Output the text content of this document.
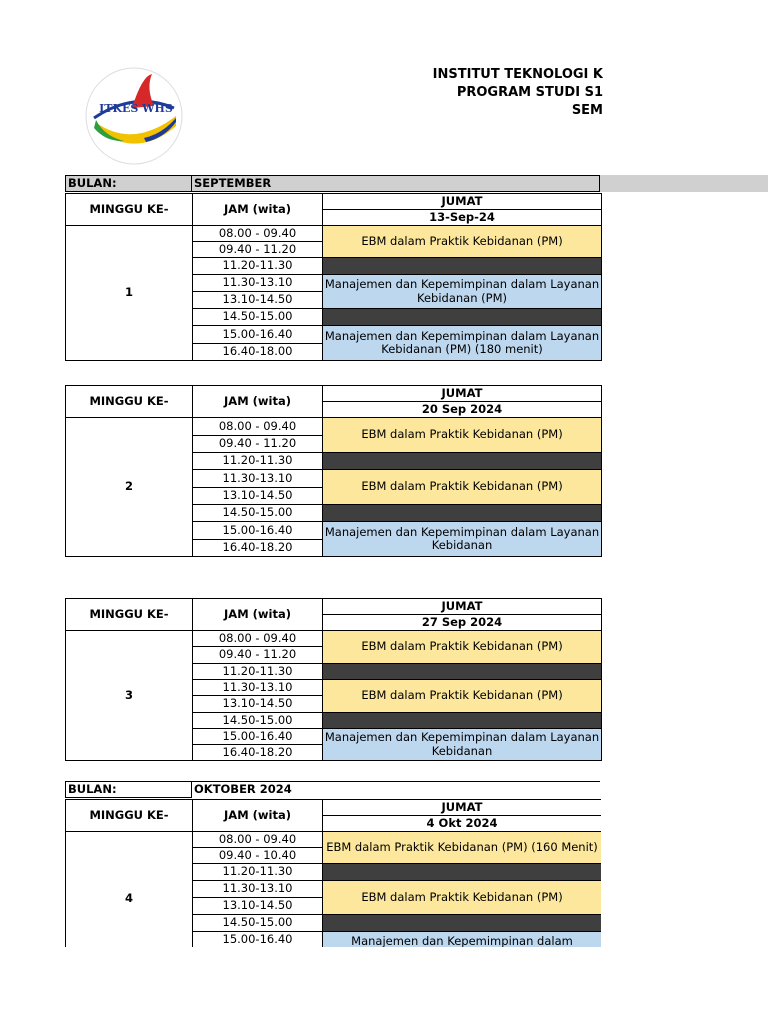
ITKES WHS
INSTITUT TEKNOLOGI K
PROGRAM STUDI S1
SEM
BULAN:	SEPTEMBER
MINGGU KE-	JAM (wita)	JUMAT
		13-Sep-24
1	08.00 - 09.40	EBM dalam Praktik Kebidanan (PM)
	09.40 - 11.20	
	11.20-11.30	
	11.30-13.10	Manajemen dan Kepemimpinan dalam Layanan Kebidanan (PM)
	13.10-14.50	
	14.50-15.00	
	15.00-16.40	Manajemen dan Kepemimpinan dalam Layanan Kebidanan (PM) (180 menit)
	16.40-18.00	
MINGGU KE-	JAM (wita)	JUMAT
		20 Sep 2024
2	08.00 - 09.40	EBM dalam Praktik Kebidanan (PM)
	09.40 - 11.20	
	11.20-11.30	
	11.30-13.10	EBM dalam Praktik Kebidanan (PM)
	13.10-14.50	
	14.50-15.00	
	15.00-16.40	Manajemen dan Kepemimpinan dalam Layanan Kebidanan
	16.40-18.20	
MINGGU KE-	JAM (wita)	JUMAT
		27 Sep 2024
3	08.00 - 09.40	EBM dalam Praktik Kebidanan (PM)
	09.40 - 11.20	
	11.20-11.30	
	11.30-13.10	EBM dalam Praktik Kebidanan (PM)
	13.10-14.50	
	14.50-15.00	
	15.00-16.40	Manajemen dan Kepemimpinan dalam Layanan Kebidanan
	16.40-18.20	
BULAN:	OKTOBER 2024
MINGGU KE-	JAM (wita)	JUMAT
		4 Okt 2024
4	08.00 - 09.40	EBM dalam Praktik Kebidanan (PM) (160 Menit)
	09.40 - 10.40	
	11.20-11.30	
	11.30-13.10	EBM dalam Praktik Kebidanan (PM)
	13.10-14.50	
	14.50-15.00	
	15.00-16.40	Manajemen dan Kepemimpinan dalam
